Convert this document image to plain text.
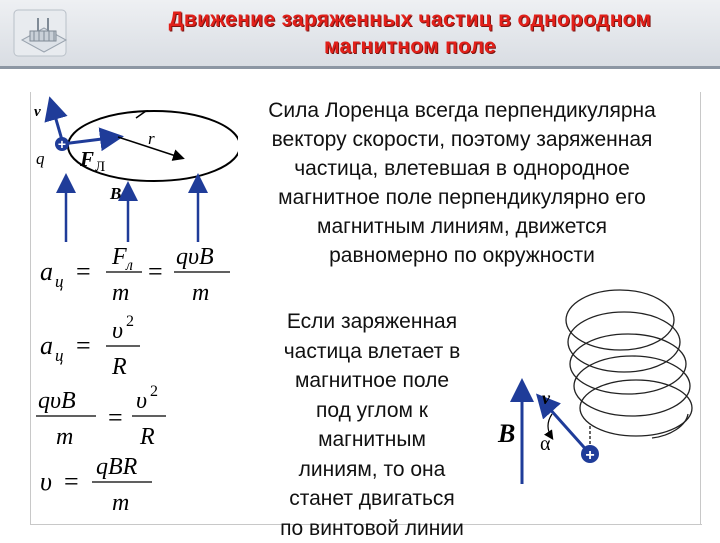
Движение заряженных частиц в однородном
магнитном поле
Сила Лоренца всегда перпендикулярна
вектору скорости, поэтому заряженная
частица, влетевшая в однородное
магнитное поле перпендикулярно его
магнитным линиям, движется
равномерно по окружности
Если заряженная
частица влетает в
магнитное поле
под углом к
магнитным
линиям, то она
станет двигаться
по винтовой линии
+
v
q F Л
r
B
a ц = F л
m
= qυB
m
a ц = υ 2
R
qυB
m
=
υ 2
R
υ = qBR
m
+
B
v
α
